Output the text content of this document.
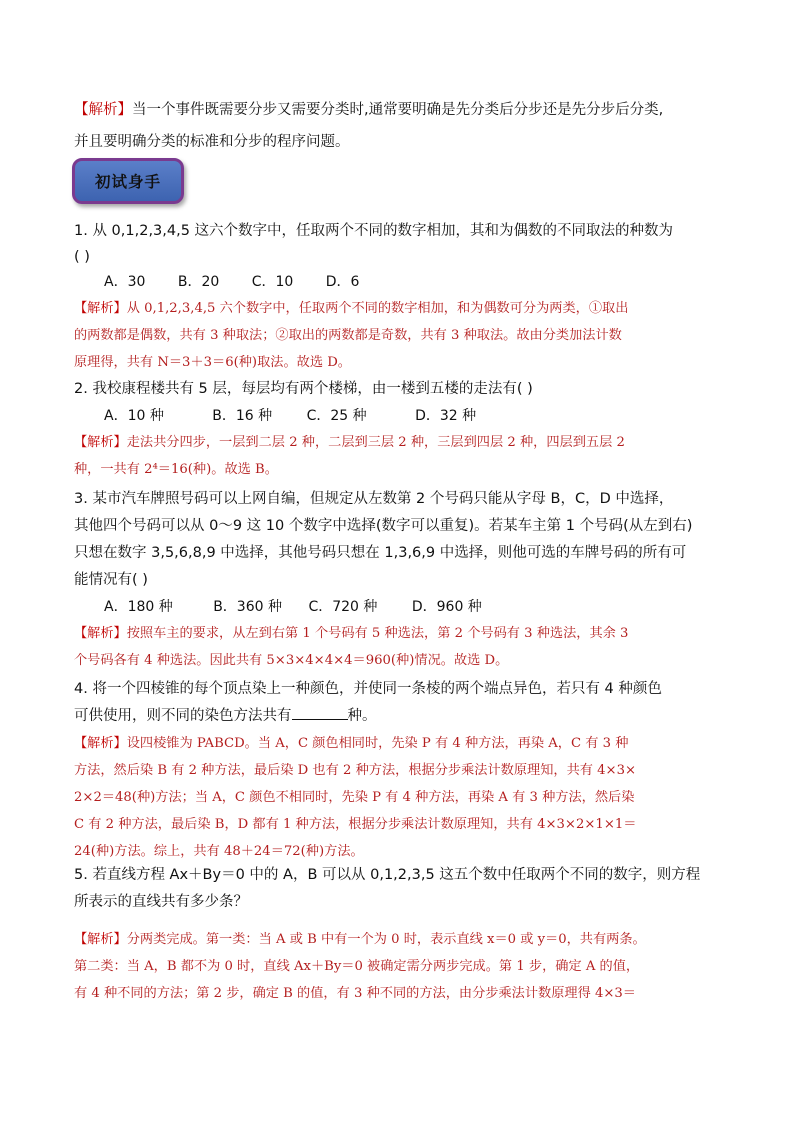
【解析】当一个事件既需要分步又需要分类时,通常要明确是先分类后分步还是先分步后分类,
并且要明确分类的标准和分步的程序问题。
初试身手
1. 从 0,1,2,3,4,5 这六个数字中，任取两个不同的数字相加，其和为偶数的不同取法的种数为
( )
A．30 B．20 C．10 D．6
【解析】从 0,1,2,3,4,5 六个数字中，任取两个不同的数字相加，和为偶数可分为两类，①取出
的两数都是偶数，共有 3 种取法；②取出的两数都是奇数，共有 3 种取法。故由分类加法计数
原理得，共有 N＝3＋3＝6(种)取法。故选 D。
2. 我校康程楼共有 5 层，每层均有两个楼梯，由一楼到五楼的走法有( )
A．10 种	B．16 种 C．25 种	D．32 种
【解析】走法共分四步，一层到二层 2 种，二层到三层 2 种，三层到四层 2 种，四层到五层 2
种，一共有 2⁴＝16(种)。故选 B。
3. 某市汽车牌照号码可以上网自编，但规定从左数第 2 个号码只能从字母 B，C，D 中选择，
其他四个号码可以从 0～9 这 10 个数字中选择(数字可以重复)。若某车主第 1 个号码(从左到右)
只想在数字 3,5,6,8,9 中选择，其他号码只想在 1,3,6,9 中选择，则他可选的车牌号码的所有可
能情况有( )
A．180 种	B．360 种 C．720 种 D．960 种
【解析】按照车主的要求，从左到右第 1 个号码有 5 种选法，第 2 个号码有 3 种选法，其余 3
个号码各有 4 种选法。因此共有 5×3×4×4×4＝960(种)情况。故选 D。
4. 将一个四棱锥的每个顶点染上一种颜色，并使同一条棱的两个端点异色，若只有 4 种颜色
可供使用，则不同的染色方法共有	种。
【解析】设四棱锥为 PABCD。当 A，C 颜色相同时，先染 P 有 4 种方法，再染 A，C 有 3 种
方法，然后染 B 有 2 种方法，最后染 D 也有 2 种方法，根据分步乘法计数原理知，共有 4×3×
2×2＝48(种)方法；当 A，C 颜色不相同时，先染 P 有 4 种方法，再染 A 有 3 种方法，然后染
C 有 2 种方法，最后染 B，D 都有 1 种方法，根据分步乘法计数原理知，共有 4×3×2×1×1＝
24(种)方法。综上，共有 48＋24＝72(种)方法。
5. 若直线方程 Ax＋By＝0 中的 A，B 可以从 0,1,2,3,5 这五个数中任取两个不同的数字，则方程
所表示的直线共有多少条？
【解析】分两类完成。第一类：当 A 或 B 中有一个为 0 时，表示直线 x＝0 或 y＝0，共有两条。
第二类：当 A，B 都不为 0 时，直线 Ax＋By＝0 被确定需分两步完成。第 1 步，确定 A 的值，
有 4 种不同的方法；第 2 步，确定 B 的值，有 3 种不同的方法，由分步乘法计数原理得 4×3＝
